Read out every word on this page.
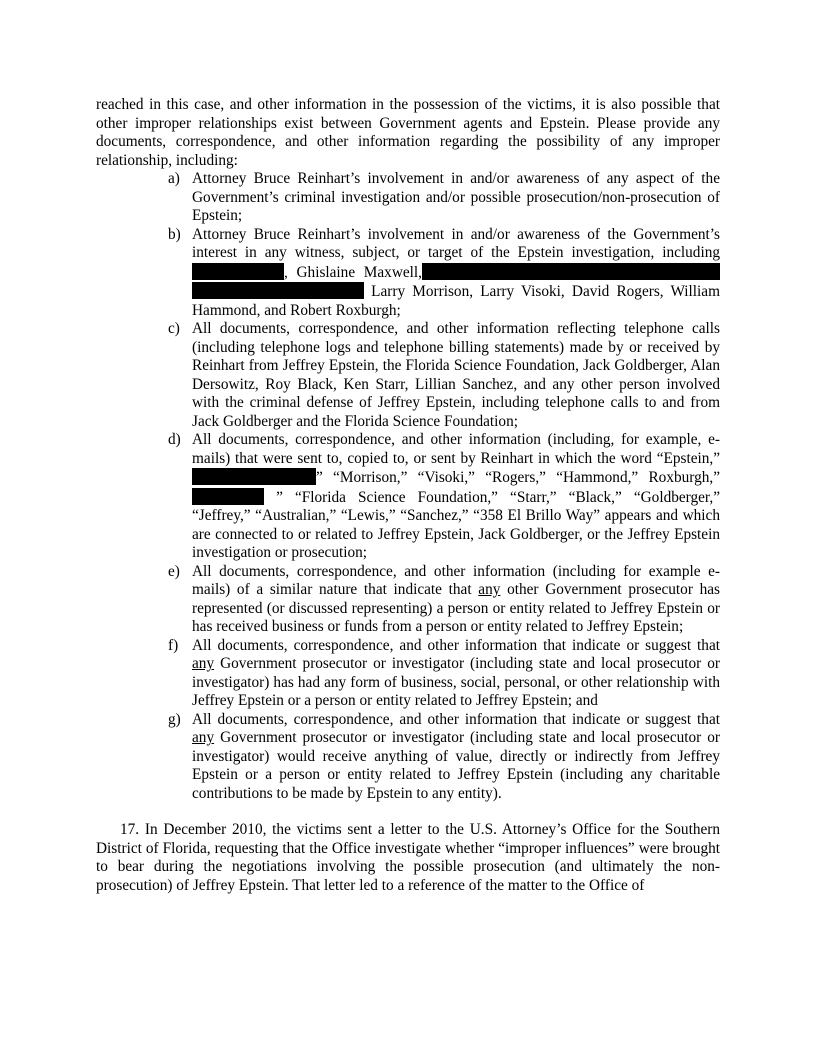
reached in this case, and other information in the possession of the victims, it is also possible that other improper relationships exist between Government agents and Epstein. Please provide any documents, correspondence, and other information regarding the possibility of any improper relationship, including:

a) Attorney Bruce Reinhart’s involvement in and/or awareness of any aspect of the Government’s criminal investigation and/or possible prosecution/non-prosecution of Epstein;
b) Attorney Bruce Reinhart’s involvement in and/or awareness of the Government’s interest in any witness, subject, or target of the Epstein investigation, including , Ghislaine Maxwell,  Larry Morrison, Larry Visoki, David Rogers, William Hammond, and Robert Roxburgh;
c) All documents, correspondence, and other information reflecting telephone calls (including telephone logs and telephone billing statements) made by or received by Reinhart from Jeffrey Epstein, the Florida Science Foundation, Jack Goldberger, Alan Dersowitz, Roy Black, Ken Starr, Lillian Sanchez, and any other person involved with the criminal defense of Jeffrey Epstein, including telephone calls to and from Jack Goldberger and the Florida Science Foundation;
d) All documents, correspondence, and other information (including, for example, e-mails) that were sent to, copied to, or sent by Reinhart in which the word “Epstein,” ” “Morrison,” “Visoki,” “Rogers,” “Hammond,” Roxburgh,”  ” “Florida Science Foundation,” “Starr,” “Black,” “Goldberger,” “Jeffrey,” “Australian,” “Lewis,” “Sanchez,” “358 El Brillo Way” appears and which are connected to or related to Jeffrey Epstein, Jack Goldberger, or the Jeffrey Epstein investigation or prosecution;
e) All documents, correspondence, and other information (including for example e-mails) of a similar nature that indicate that any other Government prosecutor has represented (or discussed representing) a person or entity related to Jeffrey Epstein or has received business or funds from a person or entity related to Jeffrey Epstein;
f) All documents, correspondence, and other information that indicate or suggest that any Government prosecutor or investigator (including state and local prosecutor or investigator) has had any form of business, social, personal, or other relationship with Jeffrey Epstein or a person or entity related to Jeffrey Epstein; and
g) All documents, correspondence, and other information that indicate or suggest that any Government prosecutor or investigator (including state and local prosecutor or investigator) would receive anything of value, directly or indirectly from Jeffrey Epstein or a person or entity related to Jeffrey Epstein (including any charitable contributions to be made by Epstein to any entity).

17. In December 2010, the victims sent a letter to the U.S. Attorney’s Office for the Southern District of Florida, requesting that the Office investigate whether “improper influences” were brought to bear during the negotiations involving the possible prosecution (and ultimately the non-prosecution) of Jeffrey Epstein. That letter led to a reference of the matter to the Office of
